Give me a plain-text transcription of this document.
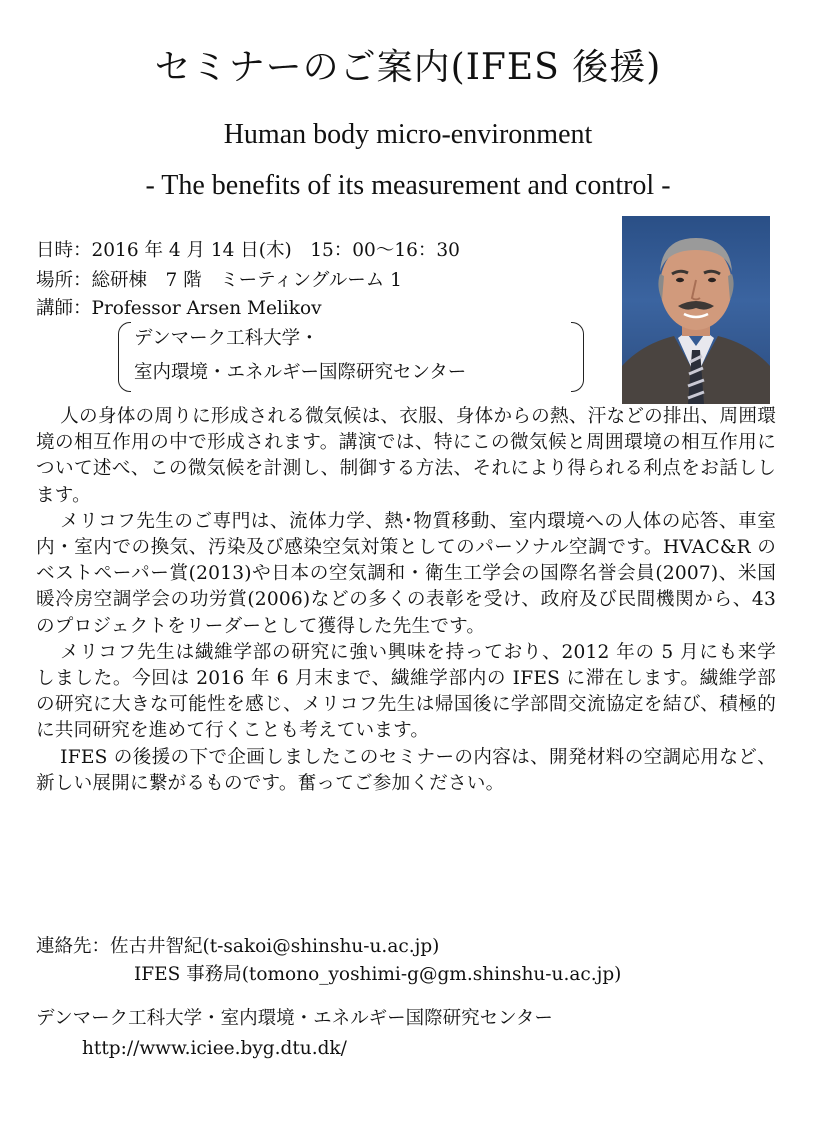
セミナーのご案内(IFES 後援)
Human body micro-environment
- The benefits of its measurement and control -
日時：2016 年 4 月 14 日(木)　15：00～16：30
場所：総研棟　7 階　ミーティングルーム 1
講師：Professor Arsen Melikov
デンマーク工科大学・
室内環境・エネルギー国際研究センター

人の身体の周りに形成される微気候は、衣服、身体からの熱、汗などの排出、周囲環境の相互作用の中で形成されます。講演では、特にこの微気候と周囲環境の相互作用について述べ、この微気候を計測し、制御する方法、それにより得られる利点をお話しします。

メリコフ先生のご専門は、流体力学、熱･物質移動、室内環境への人体の応答、車室内・室内での換気、汚染及び感染空気対策としてのパーソナル空調です。HVAC&R のベストペーパー賞(2013)や日本の空気調和・衛生工学会の国際名誉会員(2007)、米国暖冷房空調学会の功労賞(2006)などの多くの表彰を受け、政府及び民間機関から、43 のプロジェクトをリーダーとして獲得した先生です。

メリコフ先生は繊維学部の研究に強い興味を持っており、2012 年の 5 月にも来学しました。今回は 2016 年 6 月末まで、繊維学部内の IFES に滞在します。繊維学部の研究に大きな可能性を感じ、メリコフ先生は帰国後に学部間交流協定を結び、積極的に共同研究を進めて行くことも考えています。

IFES の後援の下で企画しましたこのセミナーの内容は、開発材料の空調応用など、新しい展開に繋がるものです。奮ってご参加ください。

連絡先：佐古井智紀(t-sakoi@shinshu-u.ac.jp)
IFES 事務局(tomono_yoshimi-g@gm.shinshu-u.ac.jp)
デンマーク工科大学・室内環境・エネルギー国際研究センター
http://www.iciee.byg.dtu.dk/
